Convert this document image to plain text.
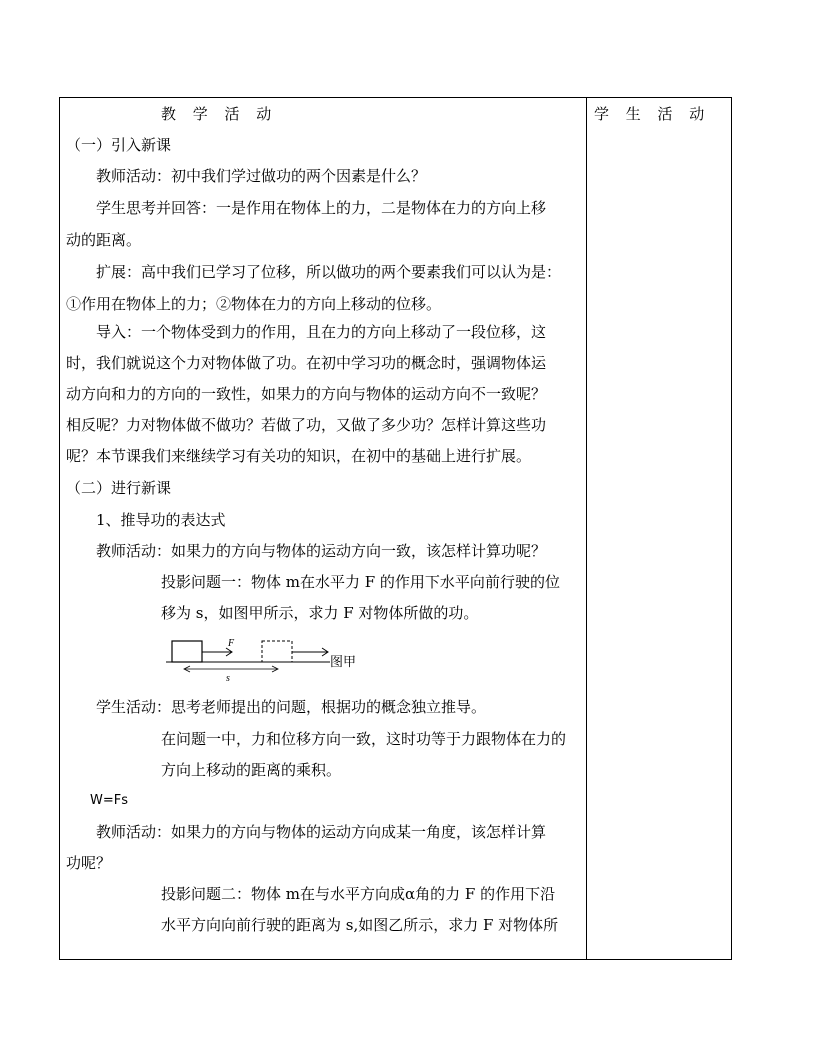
教 学 活 动	学 生 活 动
（一）引入新课
教师活动：初中我们学过做功的两个因素是什么？
学生思考并回答：一是作用在物体上的力，二是物体在力的方向上移
动的距离。
扩展：高中我们已学习了位移，所以做功的两个要素我们可以认为是：
①作用在物体上的力；②物体在力的方向上移动的位移。
导入：一个物体受到力的作用，且在力的方向上移动了一段位移，这
时，我们就说这个力对物体做了功。在初中学习功的概念时，强调物体运
动方向和力的方向的一致性，如果力的方向与物体的运动方向不一致呢？
相反呢？力对物体做不做功？若做了功，又做了多少功？怎样计算这些功
呢？本节课我们来继续学习有关功的知识，在初中的基础上进行扩展。
（二）进行新课
1、推导功的表达式
教师活动：如果力的方向与物体的运动方向一致，该怎样计算功呢？
投影问题一：物体 m在水平力 F 的作用下水平向前行驶的位
移为 s，如图甲所示，求力 F 对物体所做的功。
F
s
图甲
学生活动：思考老师提出的问题，根据功的概念独立推导。
在问题一中，力和位移方向一致，这时功等于力跟物体在力的
方向上移动的距离的乘积。
W=Fs
教师活动：如果力的方向与物体的运动方向成某一角度，该怎样计算
功呢？
投影问题二：物体 m在与水平方向成α角的力 F 的作用下沿
水平方向向前行驶的距离为 s,如图乙所示，求力 F 对物体所
